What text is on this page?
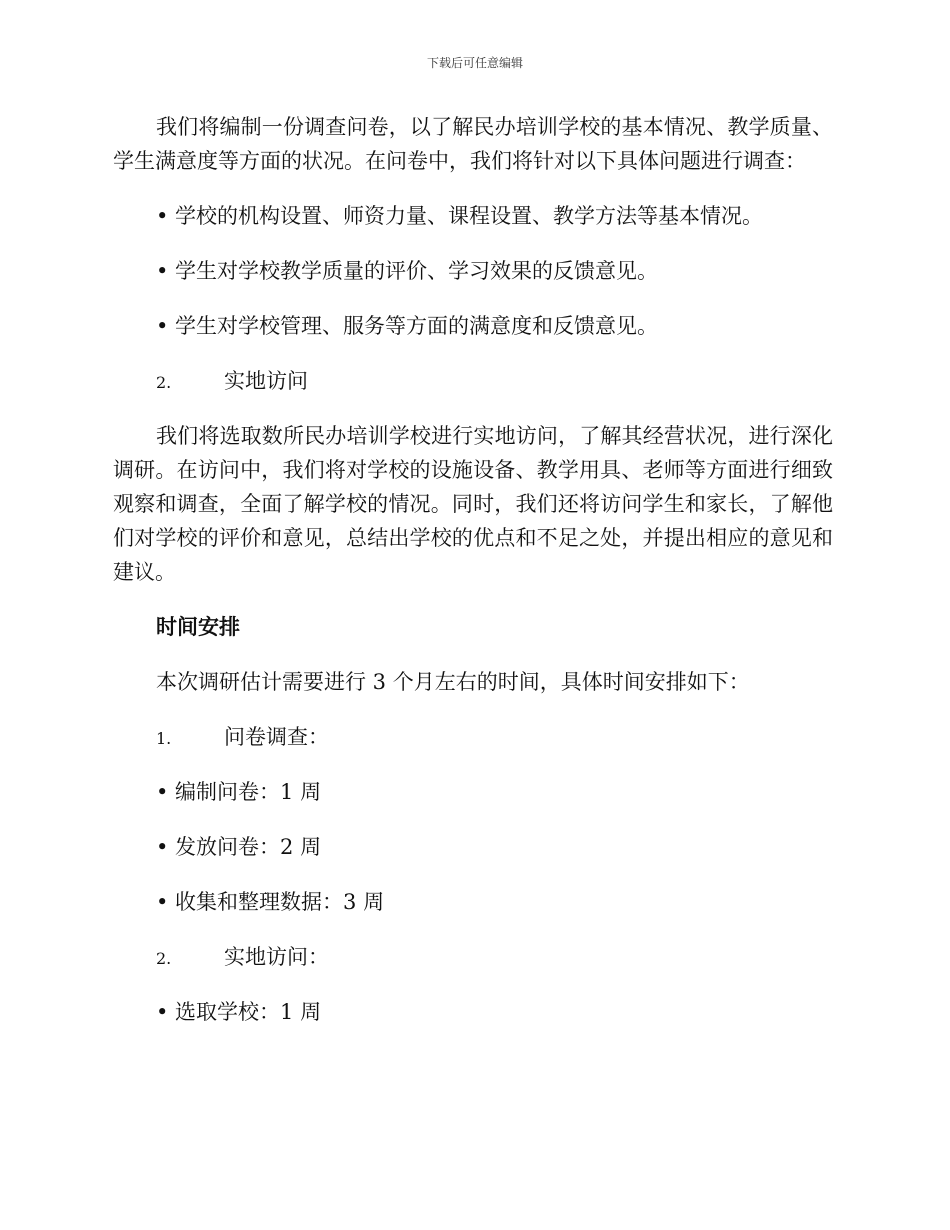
下载后可任意编辑

我们将编制一份调查问卷，以了解民办培训学校的基本情况、教学质量、学生满意度等方面的状况。在问卷中，我们将针对以下具体问题进行调查：

• 学校的机构设置、师资力量、课程设置、教学方法等基本情况。
• 学生对学校教学质量的评价、学习效果的反馈意见。
• 学生对学校管理、服务等方面的满意度和反馈意见。
2.	实地访问

我们将选取数所民办培训学校进行实地访问，了解其经营状况，进行深化调研。在访问中，我们将对学校的设施设备、教学用具、老师等方面进行细致观察和调查，全面了解学校的情况。同时，我们还将访问学生和家长，了解他们对学校的评价和意见，总结出学校的优点和不足之处，并提出相应的意见和建议。

时间安排
本次调研估计需要进行 3 个月左右的时间，具体时间安排如下：
1.	问卷调查：
• 编制问卷：1 周
• 发放问卷：2 周
• 收集和整理数据：3 周
2.	实地访问：
• 选取学校：1 周
